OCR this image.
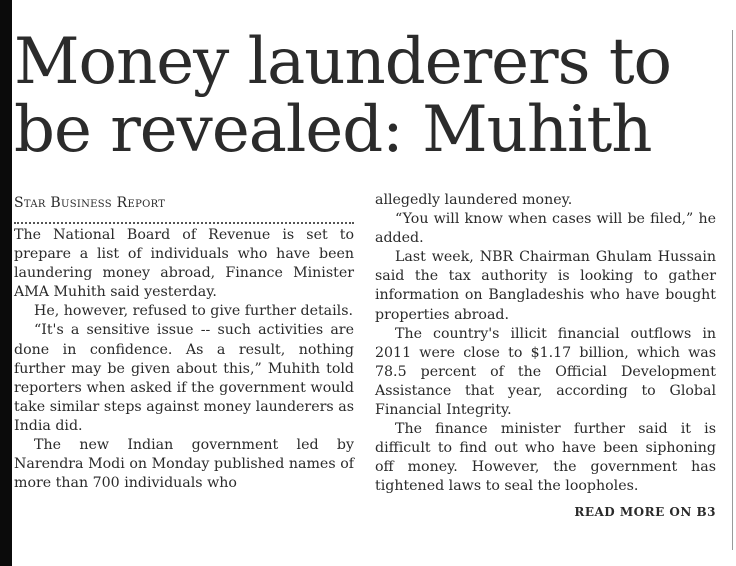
Money launderers to
be revealed: Muhith
Star Business Report

The National Board of Revenue is set to prepare a list of individuals who have been laundering money abroad, Finance Minister AMA Muhith said yesterday.

He, however, refused to give further details.

“It's a sensitive issue -- such activities are done in confidence. As a result, nothing further may be given about this,” Muhith told reporters when asked if the government would take similar steps against money launderers as India did.

The new Indian government led by Narendra Modi on Monday published names of more than 700 individuals who

allegedly laundered money.

“You will know when cases will be filed,” he added.

Last week, NBR Chairman Ghulam Hussain said the tax authority is looking to gather information on Bangladeshis who have bought properties abroad.

The country's illicit financial outflows in 2011 were close to $1.17 billion, which was 78.5 percent of the Official Development Assistance that year, according to Global Financial Integrity.

The finance minister further said it is difficult to find out who have been siphoning off money. However, the government has tightened laws to seal the loopholes.

READ MORE ON B3
